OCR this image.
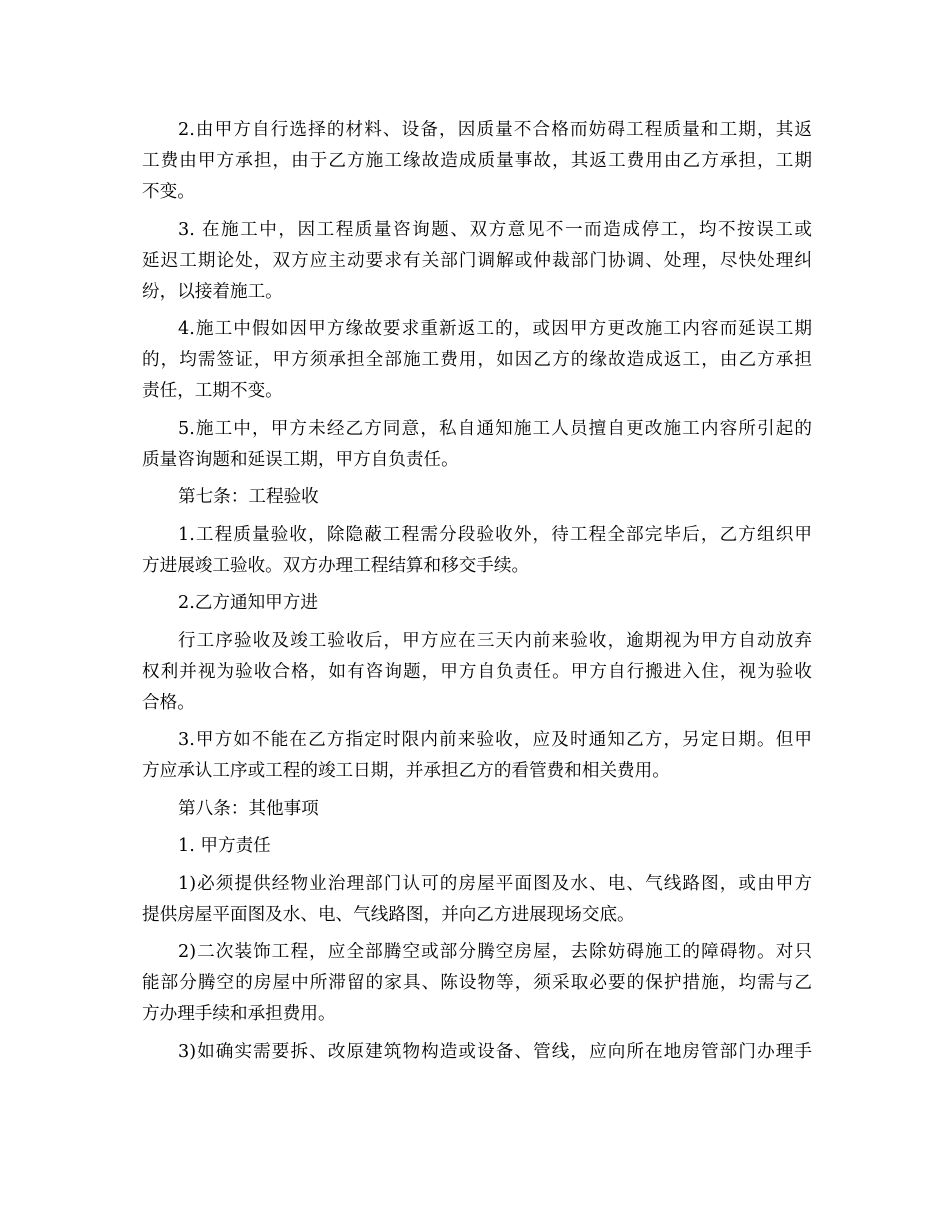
2.由甲方自行选择的材料、设备，因质量不合格而妨碍工程质量和工期，其返
工费由甲方承担，由于乙方施工缘故造成质量事故，其返工费用由乙方承担，工期
不变。
3. 在施工中，因工程质量咨询题、双方意见不一而造成停工，均不按误工或
延迟工期论处，双方应主动要求有关部门调解或仲裁部门协调、处理，尽快处理纠
纷，以接着施工。
4.施工中假如因甲方缘故要求重新返工的，或因甲方更改施工内容而延误工期
的，均需签证，甲方须承担全部施工费用，如因乙方的缘故造成返工，由乙方承担
责任，工期不变。
5.施工中，甲方未经乙方同意，私自通知施工人员擅自更改施工内容所引起的
质量咨询题和延误工期，甲方自负责任。
第七条：工程验收
1.工程质量验收，除隐蔽工程需分段验收外，待工程全部完毕后，乙方组织甲
方进展竣工验收。双方办理工程结算和移交手续。
2.乙方通知甲方进
行工序验收及竣工验收后，甲方应在三天内前来验收，逾期视为甲方自动放弃
权利并视为验收合格，如有咨询题，甲方自负责任。甲方自行搬进入住，视为验收
合格。
3.甲方如不能在乙方指定时限内前来验收，应及时通知乙方，另定日期。但甲
方应承认工序或工程的竣工日期，并承担乙方的看管费和相关费用。
第八条：其他事项
1. 甲方责任
1)必须提供经物业治理部门认可的房屋平面图及水、电、气线路图，或由甲方
提供房屋平面图及水、电、气线路图，并向乙方进展现场交底。
2)二次装饰工程，应全部腾空或部分腾空房屋，去除妨碍施工的障碍物。对只
能部分腾空的房屋中所滞留的家具、陈设物等，须采取必要的保护措施，均需与乙
方办理手续和承担费用。
3)如确实需要拆、改原建筑物构造或设备、管线，应向所在地房管部门办理手
